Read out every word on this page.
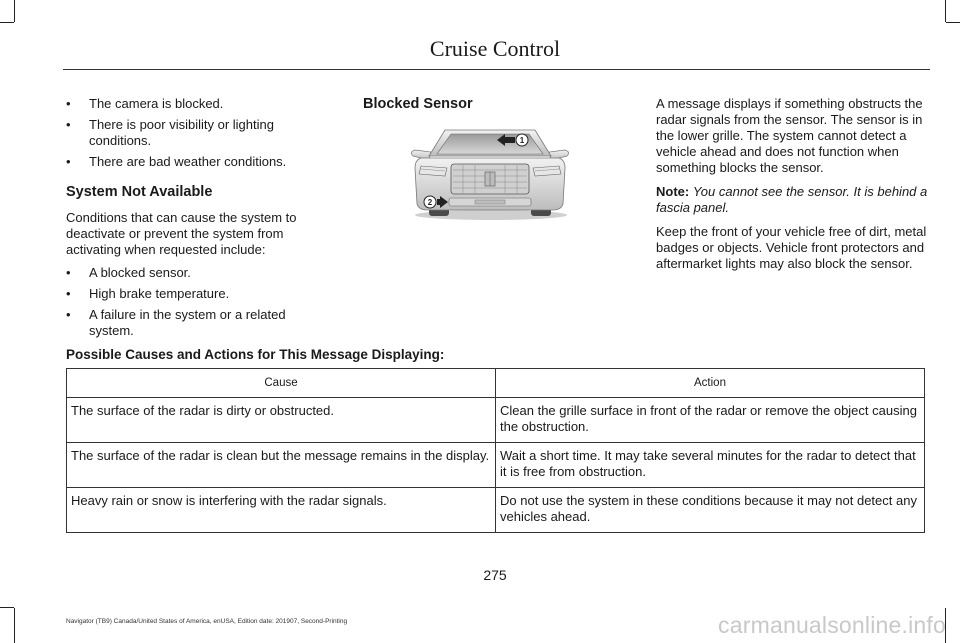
Cruise Control
• The camera is blocked.
• There is poor visibility or lighting conditions.
• There are bad weather conditions.
System Not Available

Conditions that can cause the system to deactivate or prevent the system from activating when requested include:

• A blocked sensor.
• High brake temperature.
• A failure in the system or a related system.
Blocked Sensor
1
2

A message displays if something obstructs the radar signals from the sensor. The sensor is in the lower grille. The system cannot detect a vehicle ahead and does not function when something blocks the sensor.

Note: You cannot see the sensor. It is behind a fascia panel.

Keep the front of your vehicle free of dirt, metal badges or objects. Vehicle front protectors and aftermarket lights may also block the sensor.

Possible Causes and Actions for This Message Displaying:
Cause	Action
The surface of the radar is dirty or obstructed.	Clean the grille surface in front of the radar or remove the object causing the obstruction.
The surface of the radar is clean but the message remains in the display.	Wait a short time. It may take several minutes for the radar to detect that it is free from obstruction.
Heavy rain or snow is interfering with the radar signals.	Do not use the system in these conditions because it may not detect any vehicles ahead.
275
Navigator (TB9) Canada/United States of America, enUSA, Edition date: 201907, Second-Printing	carmanualsonline.info
